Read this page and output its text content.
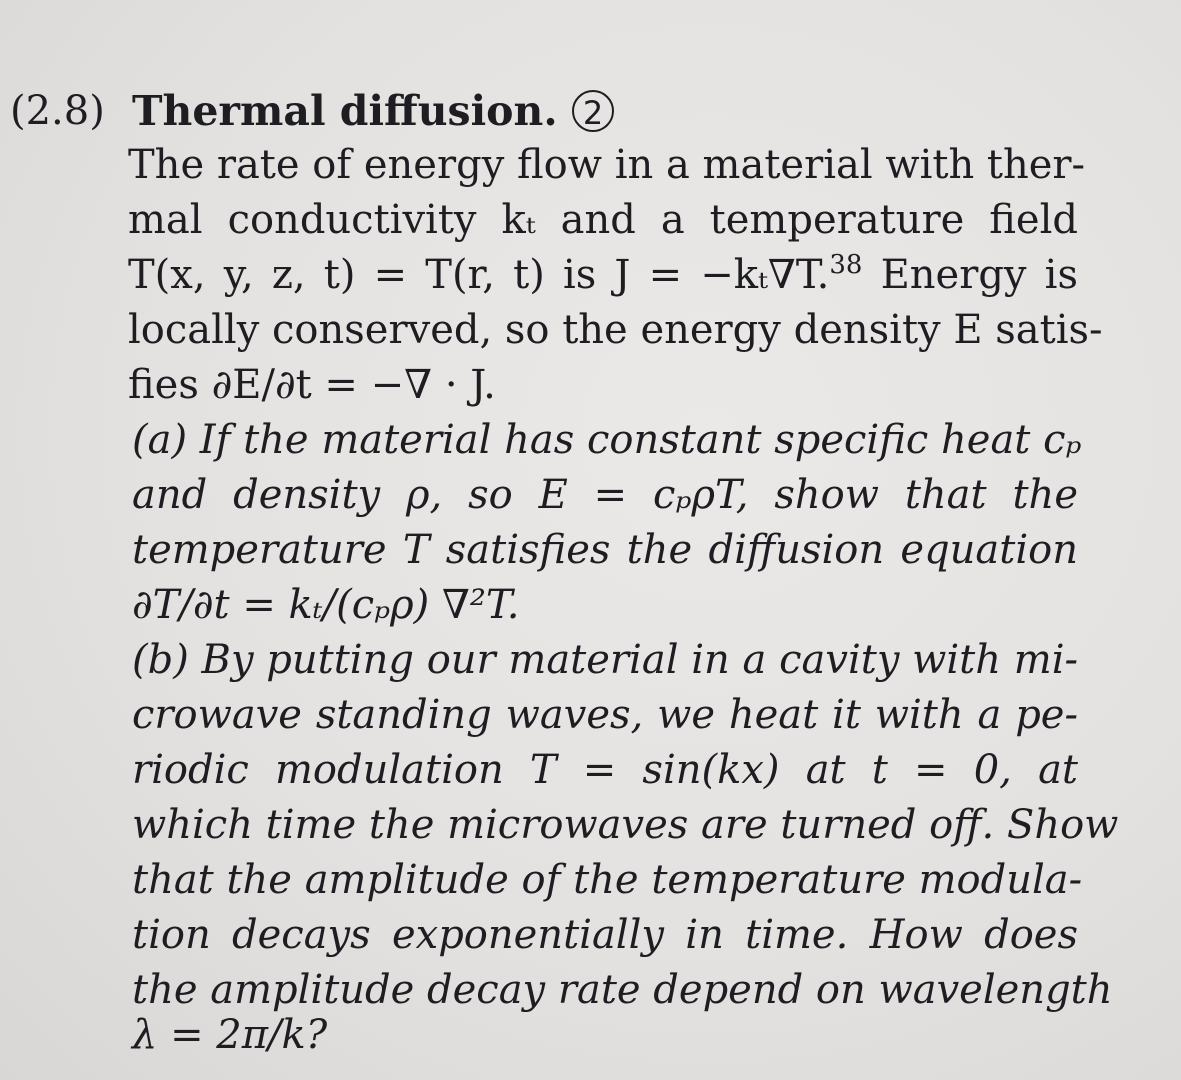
(2.8) Thermal diffusion. 2
The rate of energy flow in a material with ther-
mal conductivity kₜ and a temperature field
T(x, y, z, t) = T(r, t) is J = −kₜ∇T.$^{38}$ Energy is
locally conserved, so the energy density E satis-
fies ∂E/∂t = −∇ · J.
(a) If the material has constant specific heat cₚ
and density ρ, so E = cₚρT, show that the
temperature T satisfies the diffusion equation
∂T/∂t = kₜ/(cₚρ) ∇²T.
(b) By putting our material in a cavity with mi-
crowave standing waves, we heat it with a pe-
riodic modulation T = sin(kx) at t = 0, at
which time the microwaves are turned off. Show
that the amplitude of the temperature modula-
tion decays exponentially in time. How does
the amplitude decay rate depend on wavelength
λ = 2π/k?
